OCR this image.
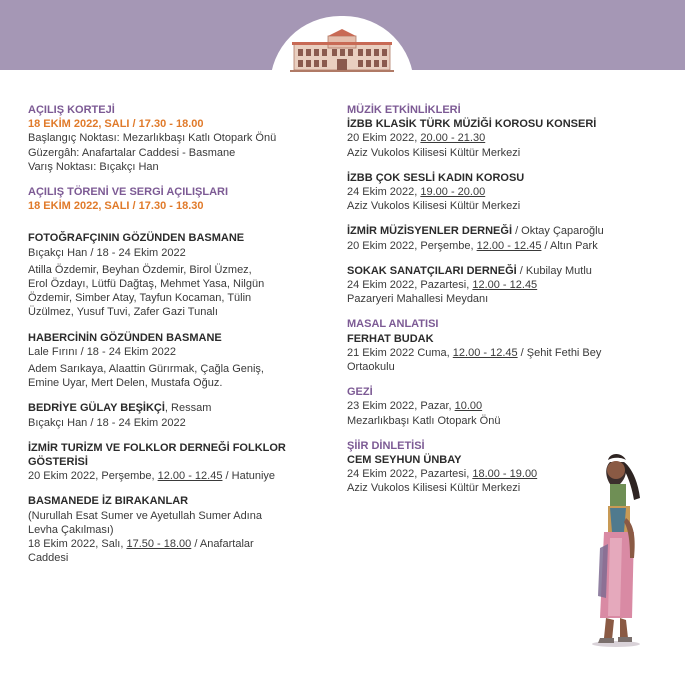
AÇILIŞ KORTEJİ
18 EKİM 2022, SALI / 17.30 - 18.00
Başlangıç Noktası: Mezarlıkbaşı Katlı Otopark Önü
Güzergâh: Anafartalar Caddesi - Basmane
Varış Noktası: Bıçakçı Han
AÇILIŞ TÖRENİ VE SERGİ AÇILIŞLARI
18 EKİM 2022, SALI / 17.30 - 18.30
FOTOĞRAFÇININ GÖZÜNDEN BASMANE
Bıçakçı Han / 18 - 24 Ekim 2022
Atilla Özdemir, Beyhan Özdemir, Birol Üzmez,
Erol Özdayı, Lütfü Dağtaş, Mehmet Yasa, Nilgün
Özdemir, Simber Atay, Tayfun Kocaman, Tülin
Üzülmez, Yusuf Tuvi, Zafer Gazi Tunalı
HABERCİNİN GÖZÜNDEN BASMANE
Lale Fırını / 18 - 24 Ekim 2022
Adem Sarıkaya, Alaattin Gürırmak, Çağla Geniş,
Emine Uyar, Mert Delen, Mustafa Oğuz.
BEDRİYE GÜLAY BEŞİKÇİ, Ressam
Bıçakçı Han / 18 - 24 Ekim 2022
İZMİR TURİZM VE FOLKLOR DERNEĞİ FOLKLOR
GÖSTERİSİ
20 Ekim 2022, Perşembe, 12.00 - 12.45 / Hatuniye
BASMANEDE İZ BIRAKANLAR
(Nurullah Esat Sumer ve Ayetullah Sumer Adına
Levha Çakılması)
18 Ekim 2022, Salı, 17.50 - 18.00 / Anafartalar
Caddesi
MÜZİK ETKİNLİKLERİ
İZBB KLASİK TÜRK MÜZİĞİ KOROSU KONSERİ
20 Ekim 2022, 20.00 - 21.30
Aziz Vukolos Kilisesi Kültür Merkezi
İZBB ÇOK SESLİ KADIN KOROSU
24 Ekim 2022, 19.00 - 20.00
Aziz Vukolos Kilisesi Kültür Merkezi
İZMİR MÜZİSYENLER DERNEĞİ / Oktay Çaparoğlu
20 Ekim 2022, Perşembe, 12.00 - 12.45 / Altın Park
SOKAK SANATÇILARI DERNEĞİ / Kubilay Mutlu
24 Ekim 2022, Pazartesi, 12.00 - 12.45
Pazaryeri Mahallesi Meydanı
MASAL ANLATISI
FERHAT BUDAK
21 Ekim 2022 Cuma, 12.00 - 12.45 / Şehit Fethi Bey
Ortaokulu
GEZİ
23 Ekim 2022, Pazar, 10.00
Mezarlıkbaşı Katlı Otopark Önü
ŞİİR DİNLETİSİ
CEM SEYHUN ÜNBAY
24 Ekim 2022, Pazartesi, 18.00 - 19.00
Aziz Vukolos Kilisesi Kültür Merkezi
